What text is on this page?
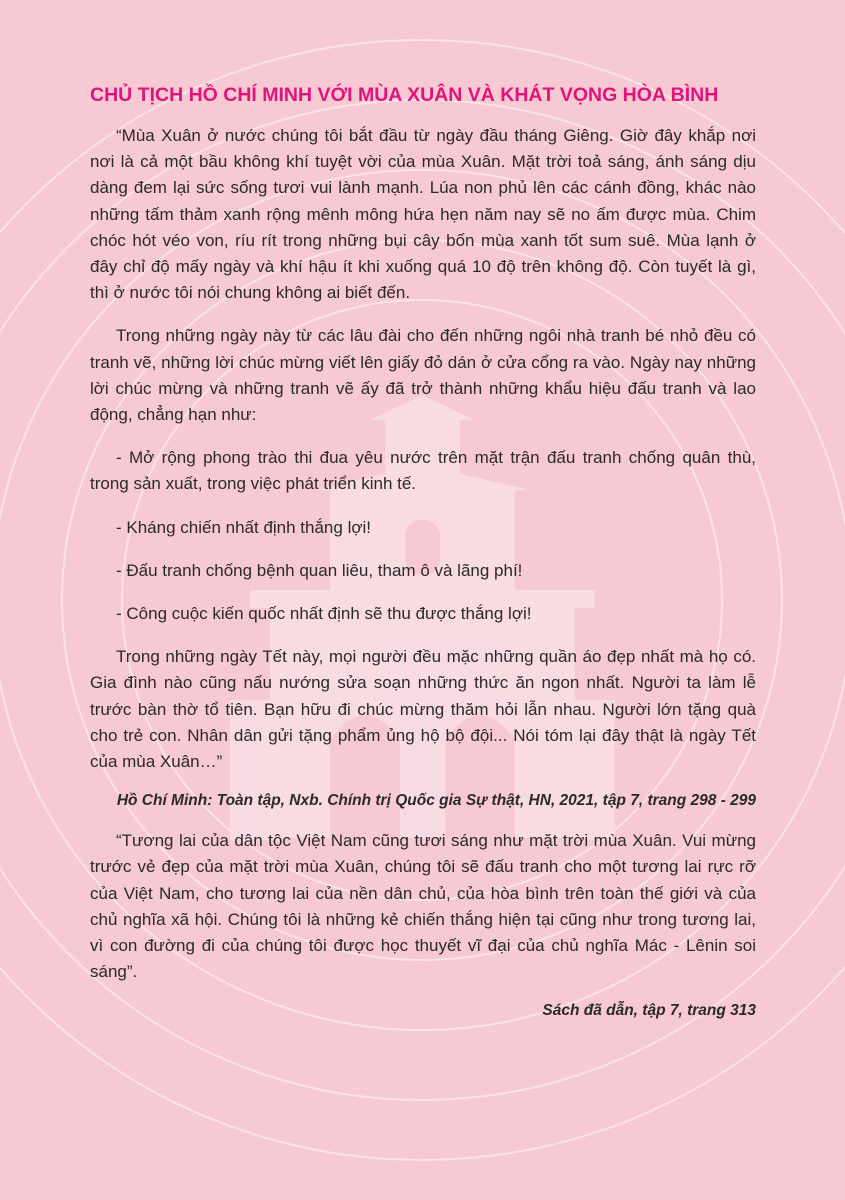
CHỦ TỊCH HỒ CHÍ MINH VỚI MÙA XUÂN VÀ KHÁT VỌNG HÒA BÌNH

“Mùa Xuân ở nước chúng tôi bắt đầu từ ngày đầu tháng Giêng. Giờ đây khắp nơi nơi là cả một bầu không khí tuyệt vời của mùa Xuân. Mặt trời toả sáng, ánh sáng dịu dàng đem lại sức sống tươi vui lành mạnh. Lúa non phủ lên các cánh đồng, khác nào những tấm thảm xanh rộng mênh mông hứa hẹn năm nay sẽ no ấm được mùa. Chim chóc hót véo von, ríu rít trong những bụi cây bốn mùa xanh tốt sum suê. Mùa lạnh ở đây chỉ độ mấy ngày và khí hậu ít khi xuống quá 10 độ trên không độ. Còn tuyết là gì, thì ở nước tôi nói chung không ai biết đến.

Trong những ngày này từ các lâu đài cho đến những ngôi nhà tranh bé nhỏ đều có tranh vẽ, những lời chúc mừng viết lên giấy đỏ dán ở cửa cổng ra vào. Ngày nay những lời chúc mừng và những tranh vẽ ấy đã trở thành những khẩu hiệu đấu tranh và lao động, chẳng hạn như:

- Mở rộng phong trào thi đua yêu nước trên mặt trận đấu tranh chống quân thù, trong sản xuất, trong việc phát triển kinh tế.

- Kháng chiến nhất định thắng lợi!

- Đấu tranh chống bệnh quan liêu, tham ô và lãng phí!

- Công cuộc kiến quốc nhất định sẽ thu được thắng lợi!

Trong những ngày Tết này, mọi người đều mặc những quần áo đẹp nhất mà họ có. Gia đình nào cũng nấu nướng sửa soạn những thức ăn ngon nhất. Người ta làm lễ trước bàn thờ tổ tiên. Bạn hữu đi chúc mừng thăm hỏi lẫn nhau. Người lớn tặng quà cho trẻ con. Nhân dân gửi tặng phẩm ủng hộ bộ đội... Nói tóm lại đây thật là ngày Tết của mùa Xuân…”

Hồ Chí Minh: Toàn tập, Nxb. Chính trị Quốc gia Sự thật, HN, 2021, tập 7, trang 298 - 299

“Tương lai của dân tộc Việt Nam cũng tươi sáng như mặt trời mùa Xuân. Vui mừng trước vẻ đẹp của mặt trời mùa Xuân, chúng tôi sẽ đấu tranh cho một tương lai rực rỡ của Việt Nam, cho tương lai của nền dân chủ, của hòa bình trên toàn thế giới và của chủ nghĩa xã hội. Chúng tôi là những kẻ chiến thắng hiện tại cũng như trong tương lai, vì con đường đi của chúng tôi được học thuyết vĩ đại của chủ nghĩa Mác - Lênin soi sáng”.

Sách đã dẫn, tập 7, trang 313
